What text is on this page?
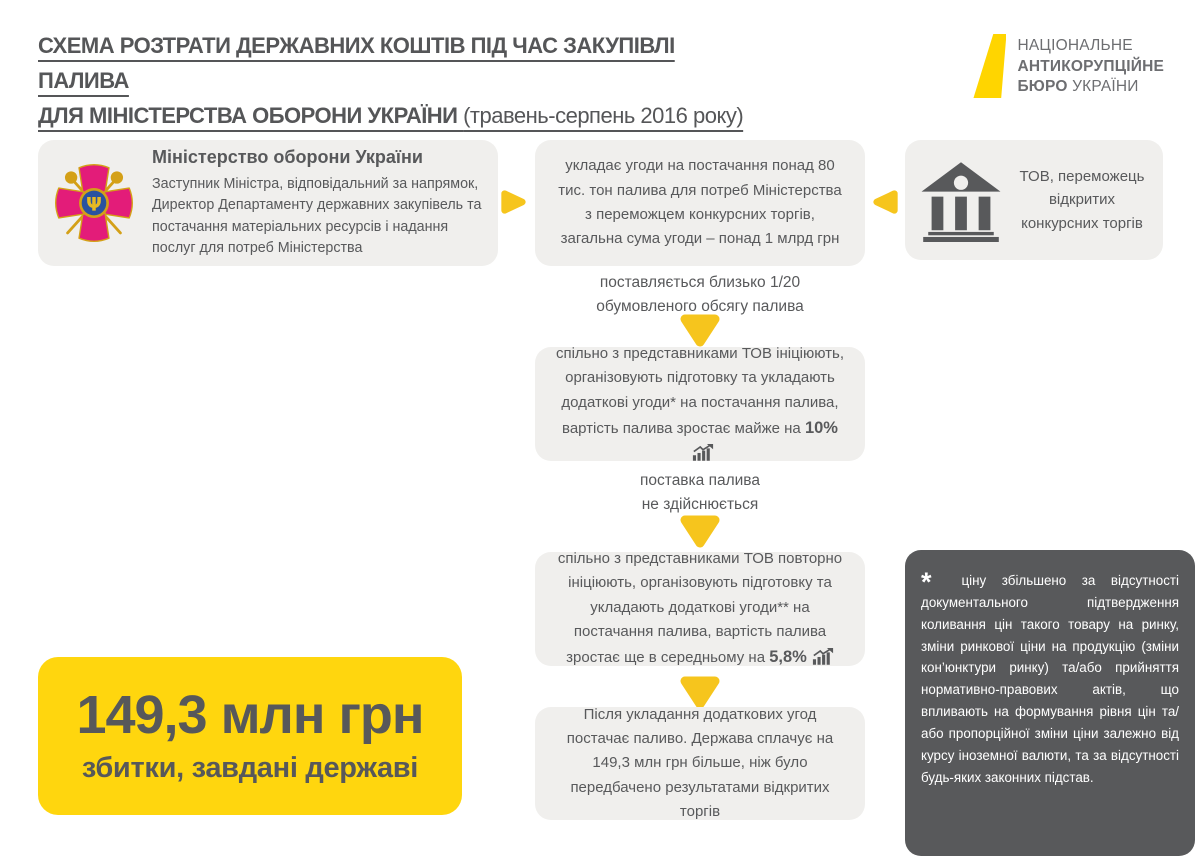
СХЕМА РОЗТРАТИ ДЕРЖАВНИХ КОШТІВ ПІД ЧАС ЗАКУПІВЛІ ПАЛИВА
ДЛЯ МІНІСТЕРСТВА ОБОРОНИ УКРАЇНИ (травень-серпень 2016 року)
НАЦІОНАЛЬНЕ
АНТИКОРУПЦІЙНЕ
БЮРО УКРАЇНИ
Ψ

Міністерство оборони України

Заступник Міністра, відповідальний за напрямок, Директор Департаменту державних закупівель та постачання матеріальних ресурсів і надання послуг для потреб Міністерства

укладає угоди на постачання понад 80 тис. тон палива для потреб Міністерства з переможцем конкурсних торгів, загальна сума угоди – понад 1 млрд грн
ТОВ, переможець відкритих конкурсних торгів
поставляється близько 1/20
обумовленого обсягу палива
спільно з представниками ТОВ ініціюють, організовують підготовку та укладають додаткові угоди* на постачання палива, вартість палива зростає майже на 10%
поставка палива
не здійснюється
спільно з представниками ТОВ повторно ініціюють, організовують підготовку та укладають додаткові угоди** на постачання палива, вартість палива зростає ще в середньому на 5,8%
Після укладання додаткових угод постачає паливо. Держава сплачує на 149,3 млн грн більше, ніж було передбачено результатами відкритих торгів
149,3 млн грн
збитки, завдані державі
* ціну збільшено за відсутності документального підтвердження коливання цін такого товару на ринку, зміни ринкової ціни на продукцію (зміни кон’юнктури ринку) та/або прийняття нормативно-правових актів, що впливають на формування рівня цін та/або пропорційної зміни ціни залежно від курсу іноземної валюти, та за відсутності будь-яких законних підстав.
